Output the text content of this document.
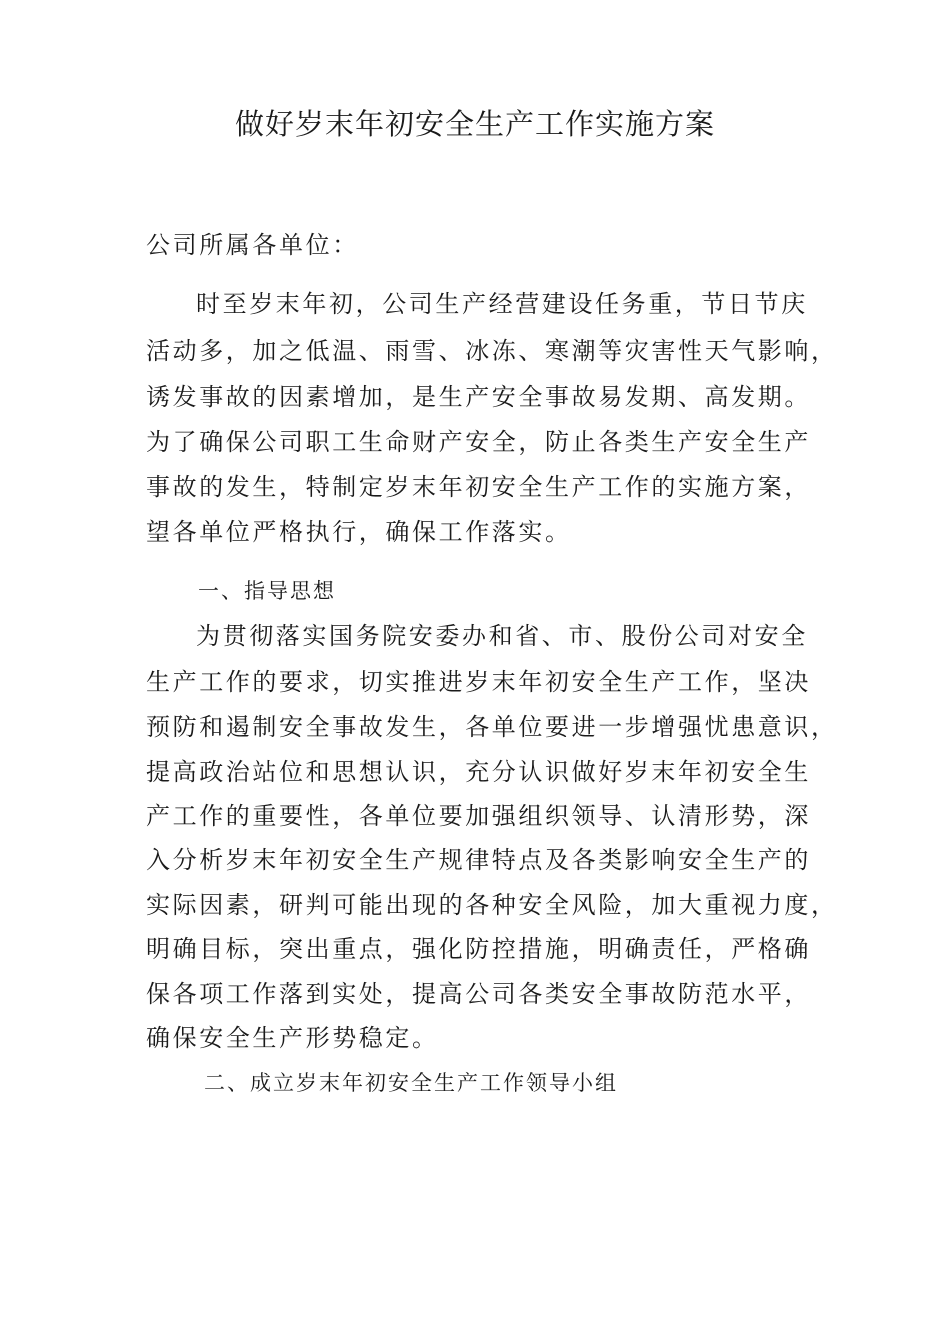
做好岁末年初安全生产工作实施方案

公司所属各单位：

时至岁末年初，公司生产经营建设任务重，节日节庆

活动多，加之低温、雨雪、冰冻、寒潮等灾害性天气影响，

诱发事故的因素增加，是生产安全事故易发期、高发期。

为了确保公司职工生命财产安全，防止各类生产安全生产

事故的发生，特制定岁末年初安全生产工作的实施方案，

望各单位严格执行，确保工作落实。

一、指导思想

为贯彻落实国务院安委办和省、市、股份公司对安全

生产工作的要求，切实推进岁末年初安全生产工作，坚决

预防和遏制安全事故发生，各单位要进一步增强忧患意识，

提高政治站位和思想认识，充分认识做好岁末年初安全生

产工作的重要性，各单位要加强组织领导、认清形势，深

入分析岁末年初安全生产规律特点及各类影响安全生产的

实际因素，研判可能出现的各种安全风险，加大重视力度，

明确目标，突出重点，强化防控措施，明确责任，严格确

保各项工作落到实处，提高公司各类安全事故防范水平，

确保安全生产形势稳定。

二、成立岁末年初安全生产工作领导小组
